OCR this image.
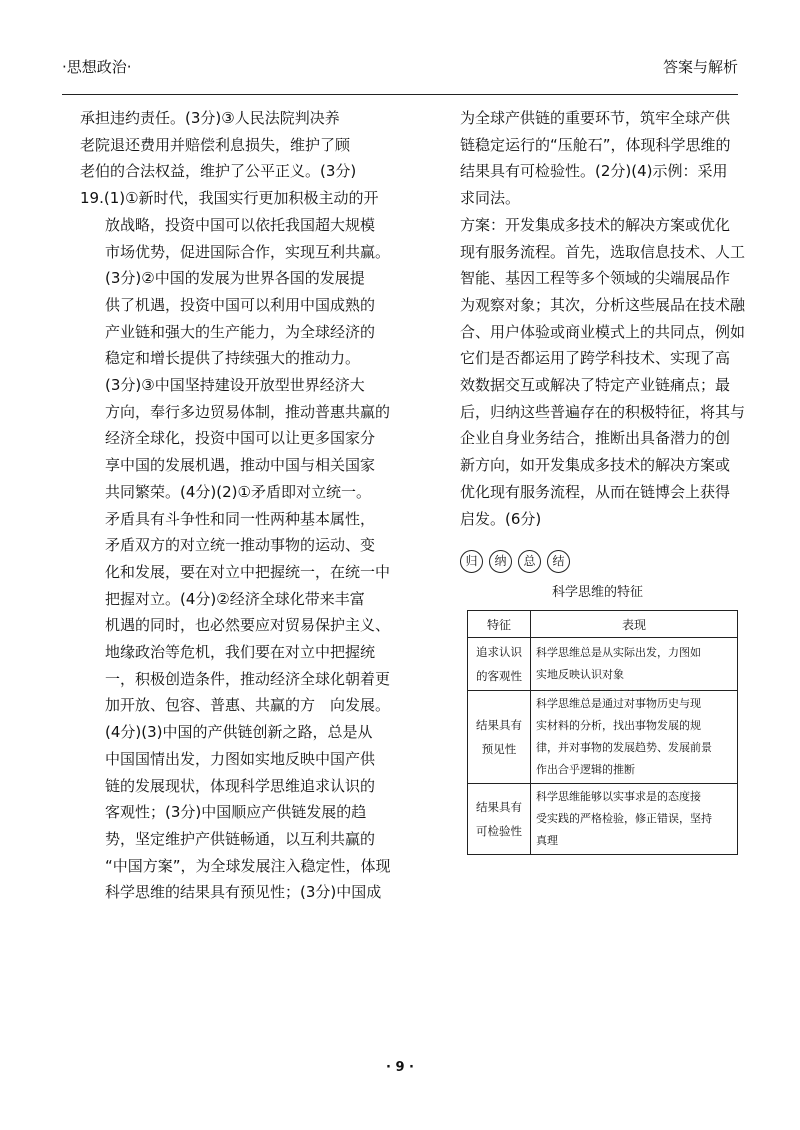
·思想政治·	答案与解析
承担违约责任。(3分)③人民法院判决养
老院退还费用并赔偿利息损失，维护了顾
老伯的合法权益，维护了公平正义。(3分)
19.(1)①新时代，我国实行更加积极主动的开
放战略，投资中国可以依托我国超大规模
市场优势，促进国际合作，实现互利共赢。
(3分)②中国的发展为世界各国的发展提
供了机遇，投资中国可以利用中国成熟的
产业链和强大的生产能力，为全球经济的
稳定和增长提供了持续强大的推动力。
(3分)③中国坚持建设开放型世界经济大
方向，奉行多边贸易体制，推动普惠共赢的
经济全球化，投资中国可以让更多国家分
享中国的发展机遇，推动中国与相关国家
共同繁荣。(4分)(2)①矛盾即对立统一。
矛盾具有斗争性和同一性两种基本属性，
矛盾双方的对立统一推动事物的运动、变
化和发展，要在对立中把握统一，在统一中
把握对立。(4分)②经济全球化带来丰富
机遇的同时，也必然要应对贸易保护主义、
地缘政治等危机，我们要在对立中把握统
一，积极创造条件，推动经济全球化朝着更
加开放、包容、普惠、共赢的方　向发展。
(4分)(3)中国的产供链创新之路，总是从
中国国情出发，力图如实地反映中国产供
链的发展现状，体现科学思维追求认识的
客观性；(3分)中国顺应产供链发展的趋
势，坚定维护产供链畅通，以互利共赢的
“中国方案”，为全球发展注入稳定性，体现
科学思维的结果具有预见性；(3分)中国成
为全球产供链的重要环节，筑牢全球产供
链稳定运行的“压舱石”，体现科学思维的
结果具有可检验性。(2分)(4)示例：采用
求同法。
方案：开发集成多技术的解决方案或优化
现有服务流程。首先，选取信息技术、人工
智能、基因工程等多个领域的尖端展品作
为观察对象；其次，分析这些展品在技术融
合、用户体验或商业模式上的共同点，例如
它们是否都运用了跨学科技术、实现了高
效数据交互或解决了特定产业链痛点；最
后，归纳这些普遍存在的积极特征，将其与
企业自身业务结合，推断出具备潜力的创
新方向，如开发集成多技术的解决方案或
优化现有服务流程，从而在链博会上获得
启发。(6分)
归	纳	总	结
科学思维的特征
特征	表现

追求认识
的客观性	科学思维总是从实际出发，力图如
实地反映认识对象

结果具有
预见性	科学思维总是通过对事物历史与现
实材料的分析，找出事物发展的规
律，并对事物的发展趋势、发展前景
作出合乎逻辑的推断

结果具有
可检验性	科学思维能够以实事求是的态度接
受实践的严格检验，修正错误，坚持
真理
· 9 ·
